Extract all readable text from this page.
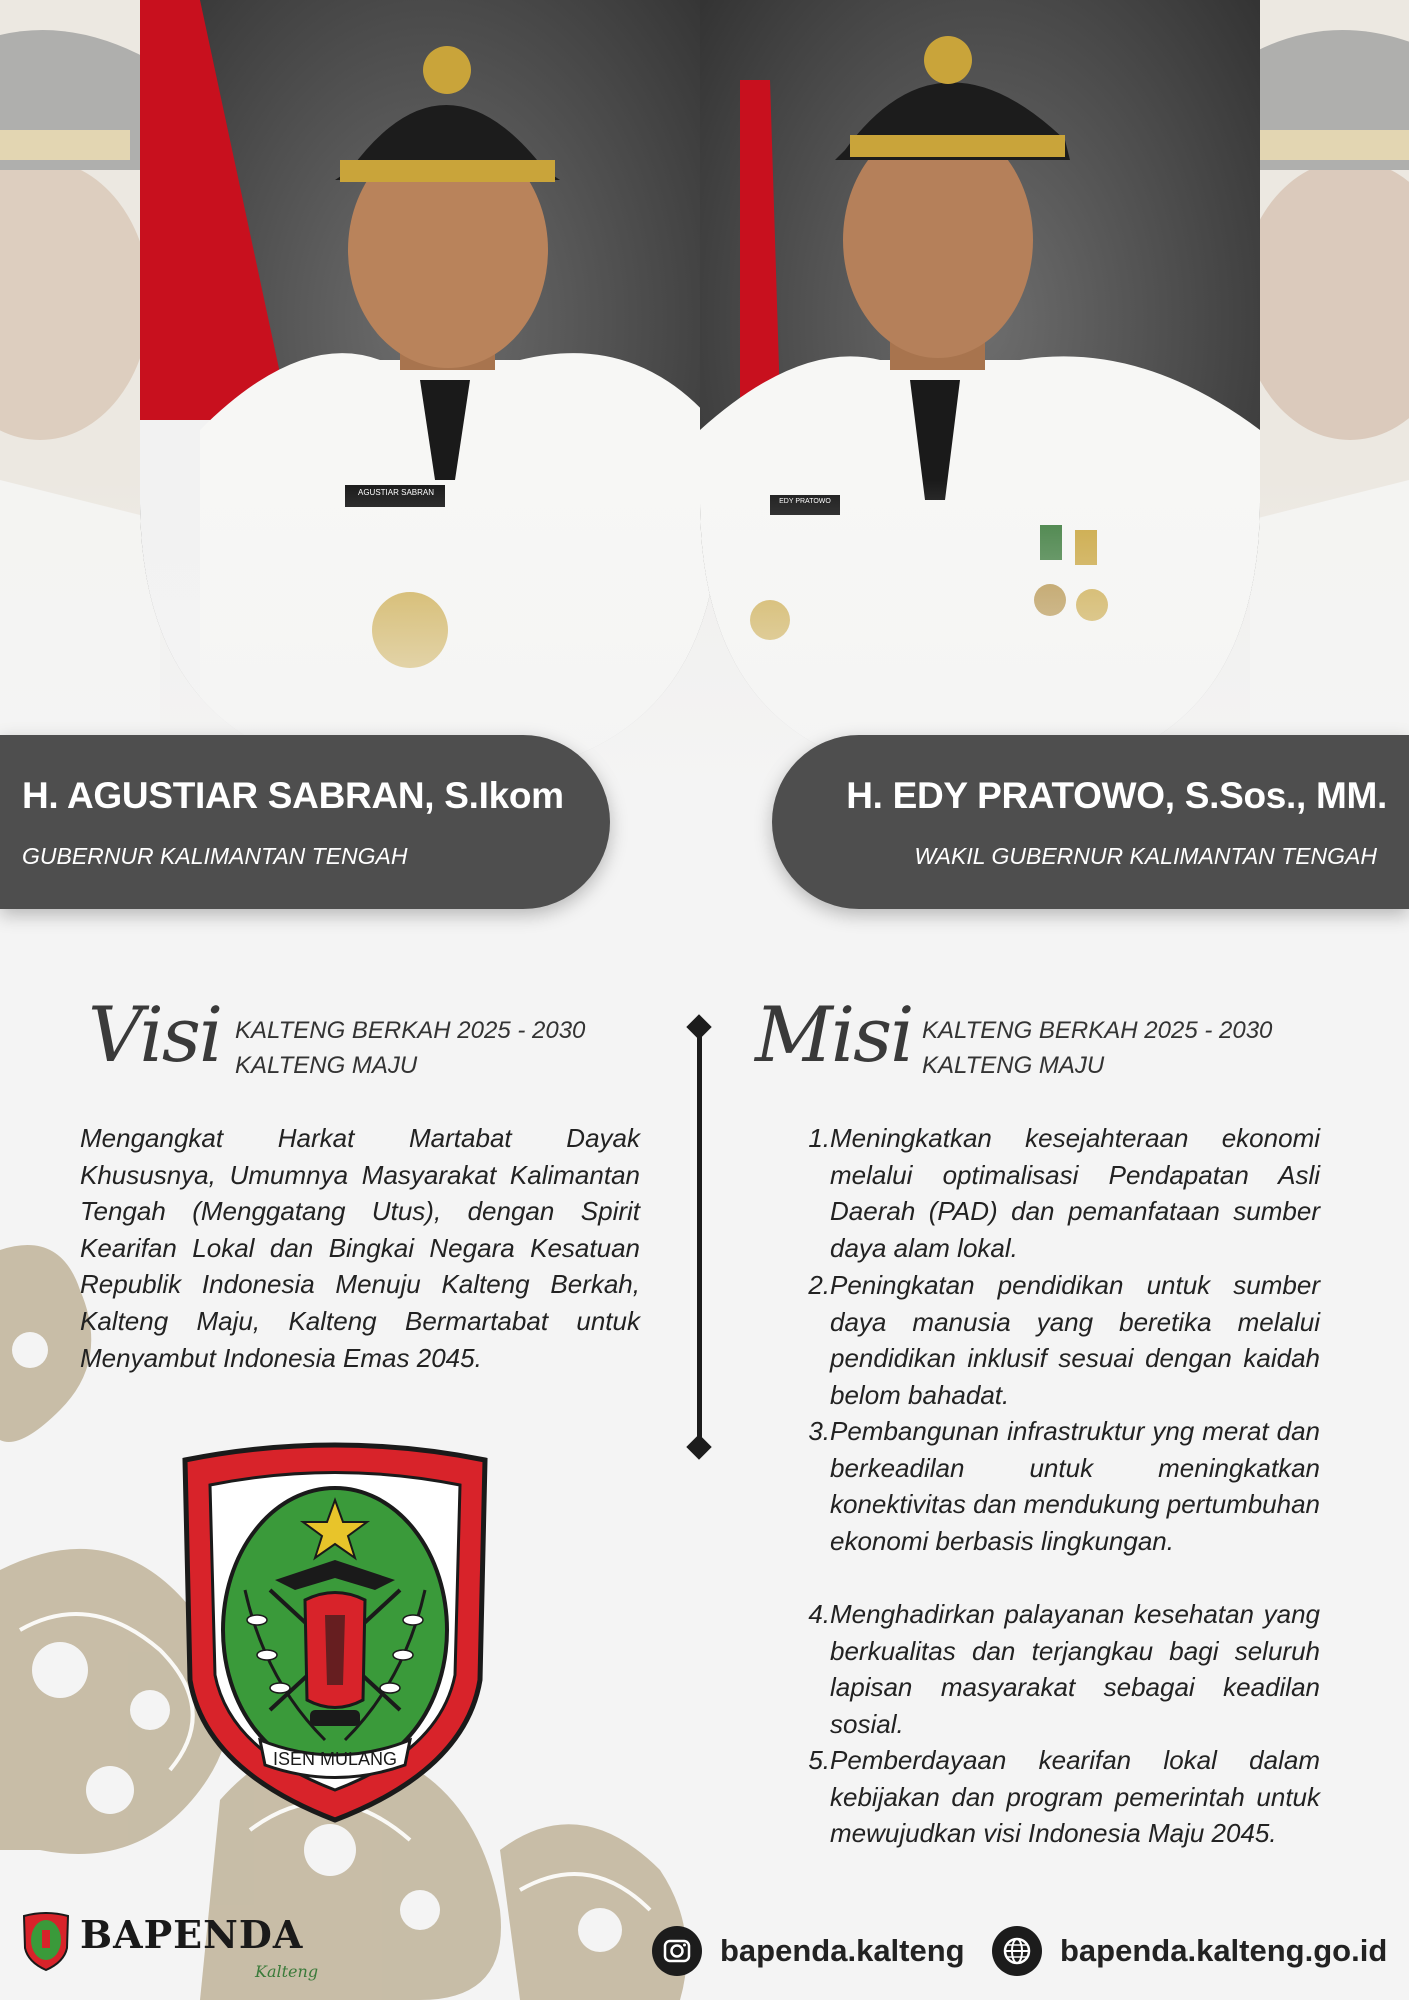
AGUSTIAR SABRAN
EDY PRATOWO
H. AGUSTIAR SABRAN, S.Ikom
GUBERNUR KALIMANTAN TENGAH
H. EDY PRATOWO, S.Sos., MM.
WAKIL GUBERNUR KALIMANTAN TENGAH
Visi KALTENG BERKAH 2025 - 2030
KALTENG MAJU
Mengangkat Harkat Martabat Dayak Khususnya, Umumnya Masyarakat Kalimantan Tengah (Menggatang Utus), dengan Spirit Kearifan Lokal dan Bingkai Negara Kesatuan Republik Indonesia Menuju Kalteng Berkah, Kalteng Maju, Kalteng Bermartabat untuk Menyambut Indonesia Emas 2045.
Misi KALTENG BERKAH 2025 - 2030
KALTENG MAJU
1. Meningkatkan kesejahteraan ekonomi melalui optimalisasi Pendapatan Asli Daerah (PAD) dan pemanfataan sumber daya alam lokal.
2. Peningkatan pendidikan untuk sumber daya manusia yang beretika melalui pendidikan inklusif sesuai dengan kaidah belom bahadat.
3. Pembangunan infrastruktur yng merat dan berkeadilan untuk meningkatkan konektivitas dan mendukung pertumbuhan ekonomi berbasis lingkungan.
4. Menghadirkan palayanan kesehatan yang berkualitas dan terjangkau bagi seluruh lapisan masyarakat sebagai keadilan sosial.
5. Pemberdayaan kearifan lokal dalam kebijakan dan program pemerintah untuk mewujudkan visi Indonesia Maju 2045.
ISEN MULANG
BAPENDA
Kalteng
bapenda.kalteng	bapenda.kalteng.go.id
